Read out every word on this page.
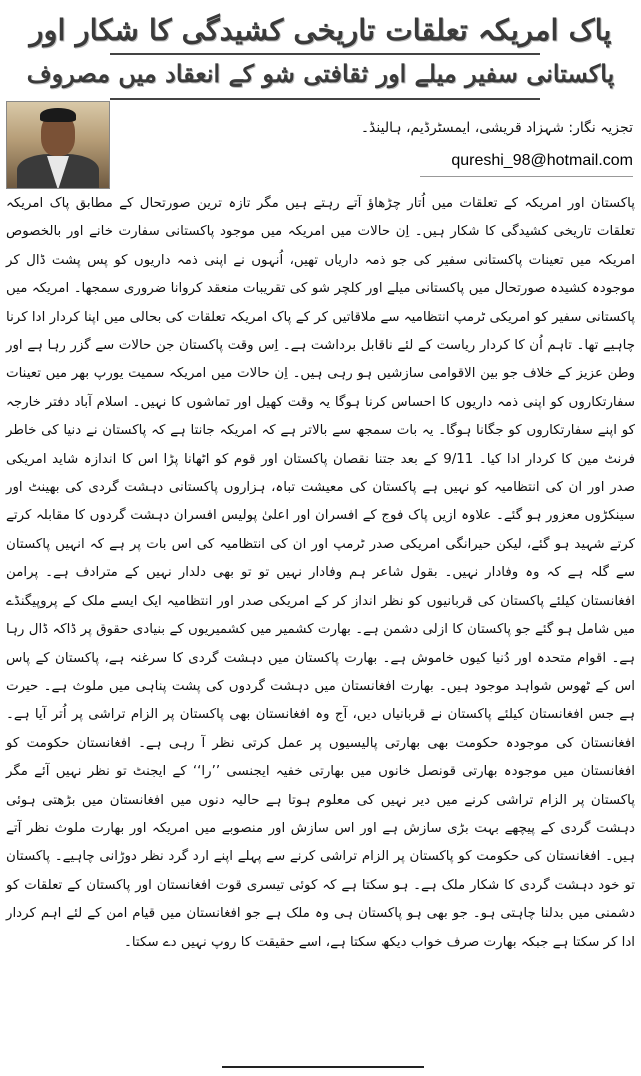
پاک امریکہ تعلقات تاریخی کشیدگی کا شکار اور
پاکستانی سفیر میلے اور ثقافتی شو کے انعقاد میں مصروف
تجزیہ نگار: شہزاد قریشی، ایمسٹرڈیم، ہالینڈ۔
qureshi_98@hotmail.com

پاکستان اور امریکہ کے تعلقات میں اُتار چڑھاؤ آتے رہتے ہیں مگر تازہ ترین صورتحال کے مطابق پاک امریکہ تعلقات تاریخی کشیدگی کا شکار ہیں۔ اِن حالات میں امریکہ میں موجود پاکستانی سفارت خانے اور بالخصوص امریکہ میں تعینات پاکستانی سفیر کی جو ذمہ داریاں تھیں، اُنہوں نے اپنی ذمہ داریوں کو پس پشت ڈال کر موجودہ کشیدہ صورتحال میں پاکستانی میلے اور کلچر شو کی تقریبات منعقد کروانا ضروری سمجھا۔ امریکہ میں پاکستانی سفیر کو امریکی ٹرمپ انتظامیہ سے ملاقاتیں کر کے پاک امریکہ تعلقات کی بحالی میں اپنا کردار ادا کرنا چاہیے تھا۔ تاہم اُن کا کردار ریاست کے لئے ناقابل برداشت ہے۔ اِس وقت پاکستان جن حالات سے گزر رہا ہے اور وطن عزیز کے خلاف جو بین الاقوامی سازشیں ہو رہی ہیں۔ اِن حالات میں امریکہ سمیت یورپ بھر میں تعینات سفارتکاروں کو اپنی ذمہ داریوں کا احساس کرنا ہوگا یہ وقت کھیل اور تماشوں کا نہیں۔ اسلام آباد دفتر خارجہ کو اپنے سفارتکاروں کو جگانا ہوگا۔ یہ بات سمجھ سے بالاتر ہے کہ امریکہ جانتا ہے کہ پاکستان نے دنیا کی خاطر فرنٹ مین کا کردار ادا کیا۔ 9/11 کے بعد جتنا نقصان پاکستان اور قوم کو اٹھانا پڑا اس کا اندازہ شاید امریکی صدر اور ان کی انتظامیہ کو نہیں ہے پاکستان کی معیشت تباہ، ہزاروں پاکستانی دہشت گردی کی بھینٹ اور سینکڑوں معزور ہو گئے۔ علاوہ ازیں پاک فوج کے افسران اور اعلیٰ پولیس افسران دہشت گردوں کا مقابلہ کرتے کرتے شہید ہو گئے، لیکن حیرانگی امریکی صدر ٹرمپ اور ان کی انتظامیہ کی اس بات پر ہے کہ انہیں پاکستان سے گلہ ہے کہ وہ وفادار نہیں۔ بقول شاعر ہم وفادار نہیں تو تو بھی دلدار نہیں کے مترادف ہے۔ پرامن افغانستان کیلئے پاکستان کی قربانیوں کو نظر انداز کر کے امریکی صدر اور انتظامیہ ایک ایسے ملک کے پروپیگنڈے میں شامل ہو گئے جو پاکستان کا ازلی دشمن ہے۔ بھارت کشمیر میں کشمیریوں کے بنیادی حقوق پر ڈاکہ ڈال رہا ہے۔ اقوام متحدہ اور دُنیا کیوں خاموش ہے۔ بھارت پاکستان میں دہشت گردی کا سرغنہ ہے، پاکستان کے پاس اس کے ٹھوس شواہد موجود ہیں۔ بھارت افغانستان میں دہشت گردوں کی پشت پناہی میں ملوث ہے۔ حیرت ہے جس افغانستان کیلئے پاکستان نے قربانیاں دیں، آج وہ افغانستان بھی پاکستان پر الزام تراشی پر اُتر آیا ہے۔ افغانستان کی موجودہ حکومت بھی بھارتی پالیسیوں پر عمل کرتی نظر آ رہی ہے۔ افغانستان حکومت کو افغانستان میں موجودہ بھارتی قونصل خانوں میں بھارتی خفیہ ایجنسی ’’را‘‘ کے ایجنٹ تو نظر نہیں آئے مگر پاکستان پر الزام تراشی کرنے میں دیر نہیں کی معلوم ہوتا ہے حالیہ دنوں میں افغانستان میں بڑھتی ہوئی دہشت گردی کے پیچھے بہت بڑی سازش ہے اور اس سازش اور منصوبے میں امریکہ اور بھارت ملوث نظر آتے ہیں۔ افغانستان کی حکومت کو پاکستان پر الزام تراشی کرنے سے پہلے اپنے ارد گرد نظر دوڑانی چاہیے۔ پاکستان تو خود دہشت گردی کا شکار ملک ہے۔ ہو سکتا ہے کہ کوئی تیسری قوت افغانستان اور پاکستان کے تعلقات کو دشمنی میں بدلنا چاہتی ہو۔ جو بھی ہو پاکستان ہی وہ ملک ہے جو افغانستان میں قیام امن کے لئے اہم کردار ادا کر سکتا ہے جبکہ بھارت صرف خواب دیکھ سکتا ہے، اسے حقیقت کا روپ نہیں دے سکتا۔
